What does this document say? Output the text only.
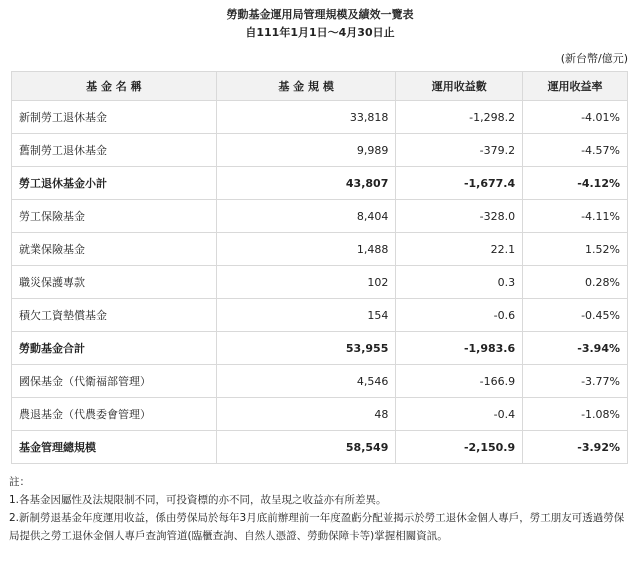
勞動基金運用局管理規模及績效一覽表
自111年1月1日～4月30日止
(新台幣/億元)
基 金 名 稱	基 金 規 模	運用收益數	運用收益率
新制勞工退休基金	33,818	-1,298.2	-4.01%
舊制勞工退休基金	9,989	-379.2	-4.57%
勞工退休基金小計	43,807	-1,677.4	-4.12%
勞工保險基金	8,404	-328.0	-4.11%
就業保險基金	1,488	22.1	1.52%
職災保護專款	102	0.3	0.28%
積欠工資墊償基金	154	-0.6	-0.45%
勞動基金合計	53,955	-1,983.6	-3.94%
國保基金（代衛福部管理）	4,546	-166.9	-3.77%
農退基金（代農委會管理）	48	-0.4	-1.08%
基金管理總規模	58,549	-2,150.9	-3.92%
註：
1.各基金因屬性及法規限制不同，可投資標的亦不同，故呈現之收益亦有所差異。
2.新制勞退基金年度運用收益，係由勞保局於每年3月底前辦理前一年度盈虧分配並揭示於勞工退休金個人專戶，勞工朋友可透過勞保局提供之勞工退休金個人專戶查詢管道(臨櫃查詢、自然人憑證、勞動保障卡等)掌握相關資訊。
